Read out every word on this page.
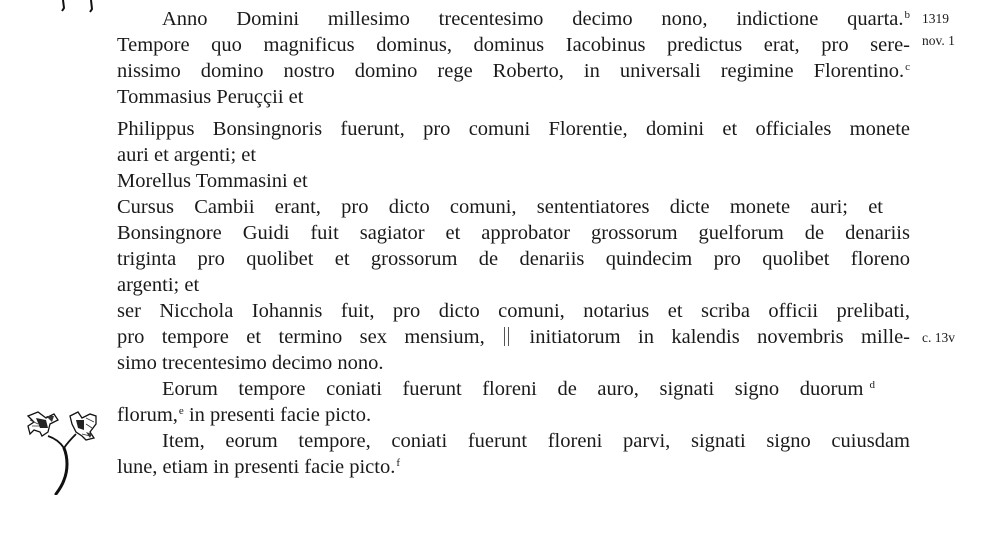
Anno Domini millesimo trecentesimo decimo nono, indictione quarta.$^b$ 1319
Tempore quo magnificus dominus, dominus Iacobinus predictus erat, pro sere- nov. 1
nissimo domino nostro domino rege Roberto, in universali regimine Florentino.$^c$
Tommasius Peruççii et
Philippus Bonsingnoris fuerunt, pro comuni Florentie, domini et officiales monete
auri et argenti; et
Morellus Tommasini et
Cursus Cambii erant, pro dicto comuni, sententiatores dicte monete auri; et
Bonsingnore Guidi fuit sagiator et approbator grossorum guelforum de denariis
triginta pro quolibet et grossorum de denariis quindecim pro quolibet floreno
argenti; et
ser Nicchola Iohannis fuit, pro dicto comuni, notarius et scriba officii prelibati,
pro tempore et termino sex mensium, initiatorum in kalendis novembris mille- c. 13v
simo trecentesimo decimo nono.
Eorum tempore coniati fuerunt floreni de auro, signati signo duorum $^d$
florum,$^e$ in presenti facie picto.
Item, eorum tempore, coniati fuerunt floreni parvi, signati signo cuiusdam
lune, etiam in presenti facie picto.$^f$
